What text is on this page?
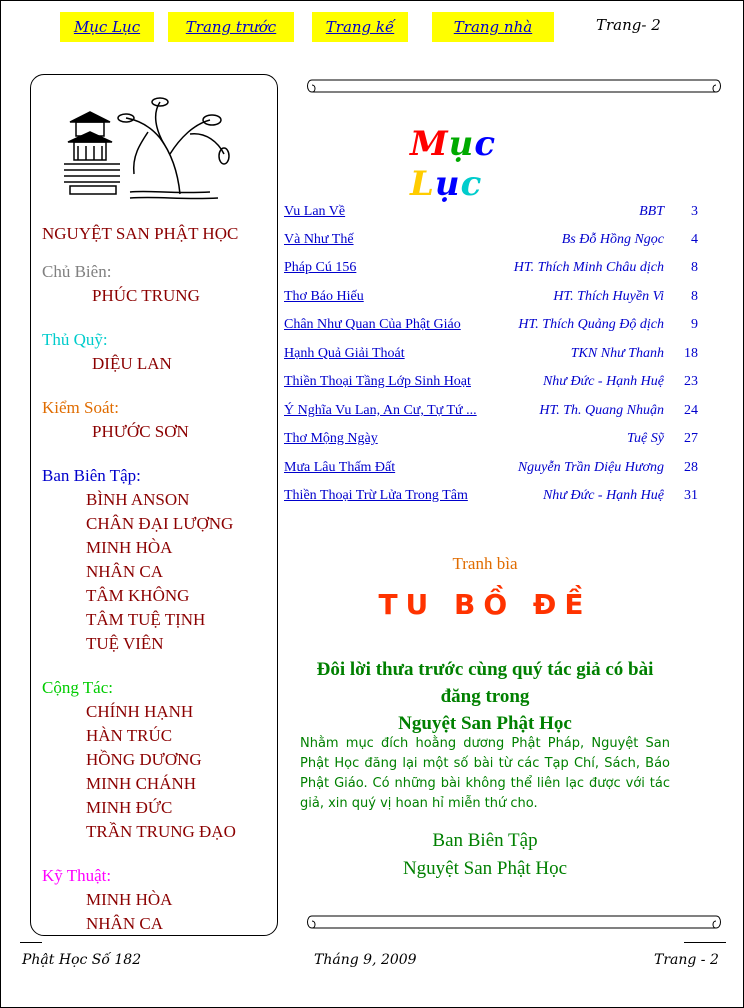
Mục Lục	Trang trước	Trang kế	Trang nhà	Trang- 2
NGUYỆT SAN PHẬT HỌC
Chủ Biên:
PHÚC TRUNG
Thủ Quỹ:
DIỆU LAN
Kiểm Soát:
PHƯỚC SƠN
Ban Biên Tập:
BÌNH ANSON
CHÂN ĐẠI LƯỢNG
MINH HÒA
NHÂN CA
TÂM KHÔNG
TÂM TUỆ TỊNH
TUỆ VIÊN
Cộng Tác:
CHÍNH HẠNH
HÀN TRÚC
HỒNG DƯƠNG
MINH CHÁNH
MINH ĐỨC
TRẦN TRUNG ĐẠO
Kỹ Thuật:
MINH HÒA
NHÂN CA
Mục Lục
Vu Lan Về	BBT	3
Và Như Thế	Bs Đỗ Hồng Ngọc	4
Pháp Cú 156	HT. Thích Minh Châu dịch	8
Thơ Báo Hiếu	HT. Thích Huyền Vi	8
Chân Như Quan Của Phật Giáo	HT. Thích Quảng Độ dịch	9
Hạnh Quả Giải Thoát	TKN Như Thanh	18
Thiền Thoại Tầng Lớp Sinh Hoạt	Như Đức - Hạnh Huệ	23
Ý Nghĩa Vu Lan, An Cư, Tự Tứ ...	HT. Th. Quang Nhuận	24
Thơ Mộng Ngày	Tuệ Sỹ	27
Mưa Lâu Thấm Đất	Nguyễn Trần Diệu Hương	28
Thiền Thoại Trừ Lửa Trong Tâm	Như Đức - Hạnh Huệ	31
Tranh bìa
TU BỒ ĐỀ
Đôi lời thưa trước cùng quý tác giả có bài
đăng trong
Nguyệt San Phật Học
Nhằm mục đích hoằng dương Phật Pháp, Nguyệt San Phật Học đăng lại một số bài từ các Tạp Chí, Sách, Báo Phật Giáo. Có những bài không thể liên lạc được với tác giả, xin quý vị hoan hỉ miễn thứ cho.
Ban Biên Tập
Nguyệt San Phật Học
Phật Học Số 182	Tháng 9, 2009	Trang - 2
